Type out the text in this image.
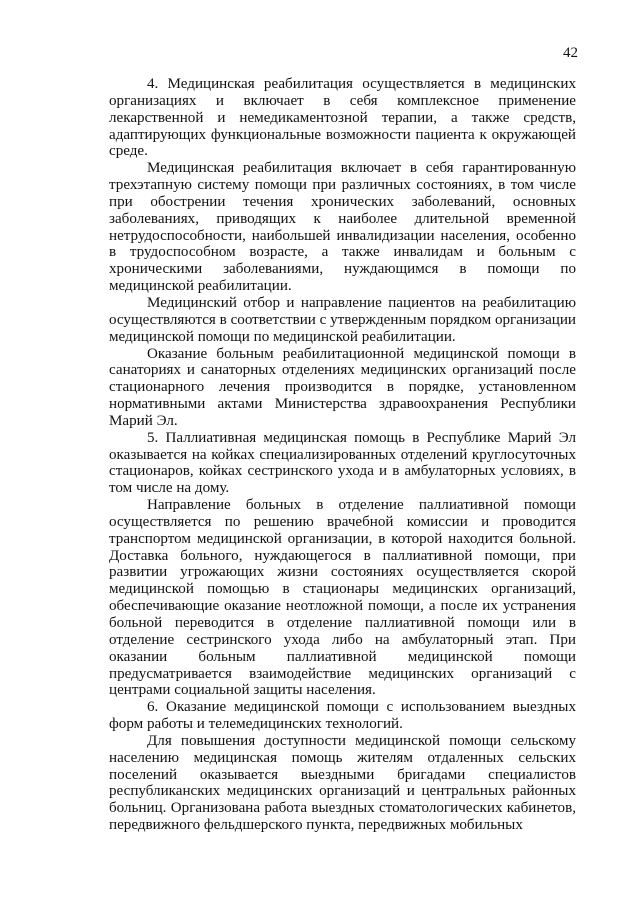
42

4. Медицинская реабилитация осуществляется в медицинских организациях и включает в себя комплексное применение лекарственной и немедикаментозной терапии, а также средств, адаптирующих функциональные возможности пациента к окружающей среде.

Медицинская реабилитация включает в себя гарантированную трехэтапную систему помощи при различных состояниях, в том числе при обострении течения хронических заболеваний, основных заболеваниях, приводящих к наиболее длительной временной нетрудоспособности, наибольшей инвалидизации населения, особенно в трудоспособном возрасте, а также инвалидам и больным с хроническими заболеваниями, нуждающимся в помощи по медицинской реабилитации.

Медицинский отбор и направление пациентов на реабилитацию осуществляются в соответствии с утвержденным порядком организации медицинской помощи по медицинской реабилитации.

Оказание больным реабилитационной медицинской помощи в санаториях и санаторных отделениях медицинских организаций после стационарного лечения производится в порядке, установленном нормативными актами Министерства здравоохранения Республики Марий Эл.

5. Паллиативная медицинская помощь в Республике Марий Эл оказывается на койках специализированных отделений круглосуточных стационаров, койках сестринского ухода и в амбулаторных условиях, в том числе на дому.

Направление больных в отделение паллиативной помощи осуществляется по решению врачебной комиссии и проводится транспортом медицинской организации, в которой находится больной. Доставка больного, нуждающегося в паллиативной помощи, при развитии угрожающих жизни состояниях осуществляется скорой медицинской помощью в стационары медицинских организаций, обеспечивающие оказание неотложной помощи, а после их устранения больной переводится в отделение паллиативной помощи или в отделение сестринского ухода либо на амбулаторный этап. При оказании больным паллиативной медицинской помощи предусматривается взаимодействие медицинских организаций с центрами социальной защиты населения.

6. Оказание медицинской помощи с использованием выездных форм работы и телемедицинских технологий.

Для повышения доступности медицинской помощи сельскому населению медицинская помощь жителям отдаленных сельских поселений оказывается выездными бригадами специалистов республиканских медицинских организаций и центральных районных больниц. Организована работа выездных стоматологических кабинетов, передвижного фельдшерского пункта, передвижных мобильных
